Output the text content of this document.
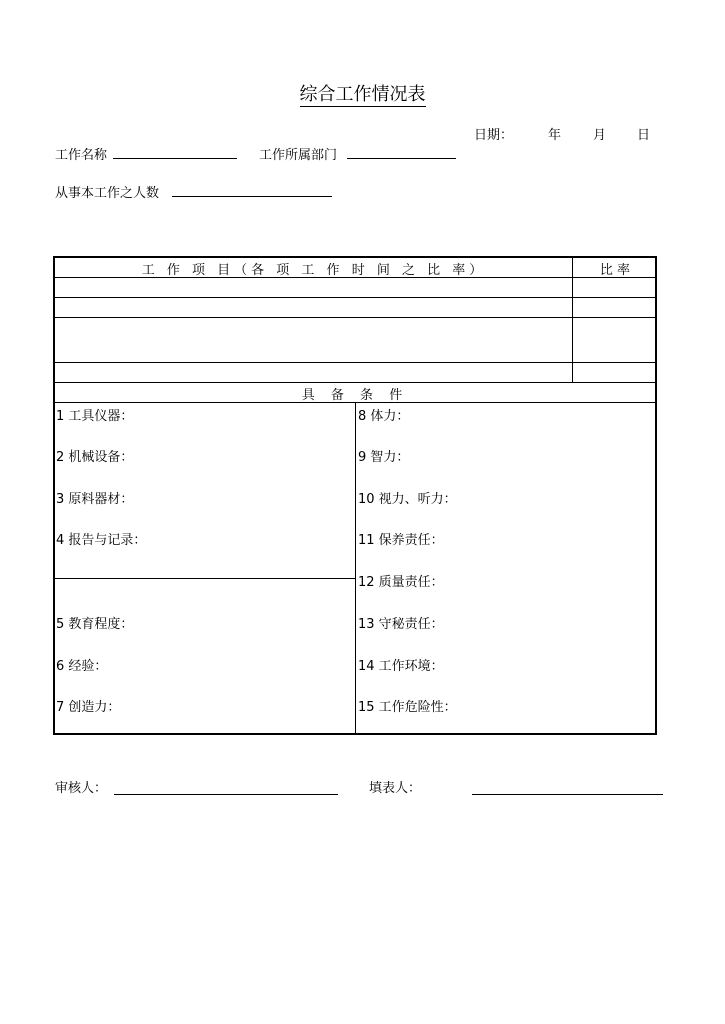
综合工作情况表
日期：	年 月 日
工作名称	工作所属部门
从事本工作之人数
工 作 项 目（各 项 工 作 时 间 之 比 率）	比 率
具 备 条 件
1 工具仪器：
2 机械设备：
3 原料器材：
4 报告与记录：
5 教育程度：
6 经验：
7 创造力：
8 体力：
9 智力：
10 视力、听力：
11 保养责任：
12 质量责任：
13 守秘责任：
14 工作环境：
15 工作危险性：
审核人：	填表人：
